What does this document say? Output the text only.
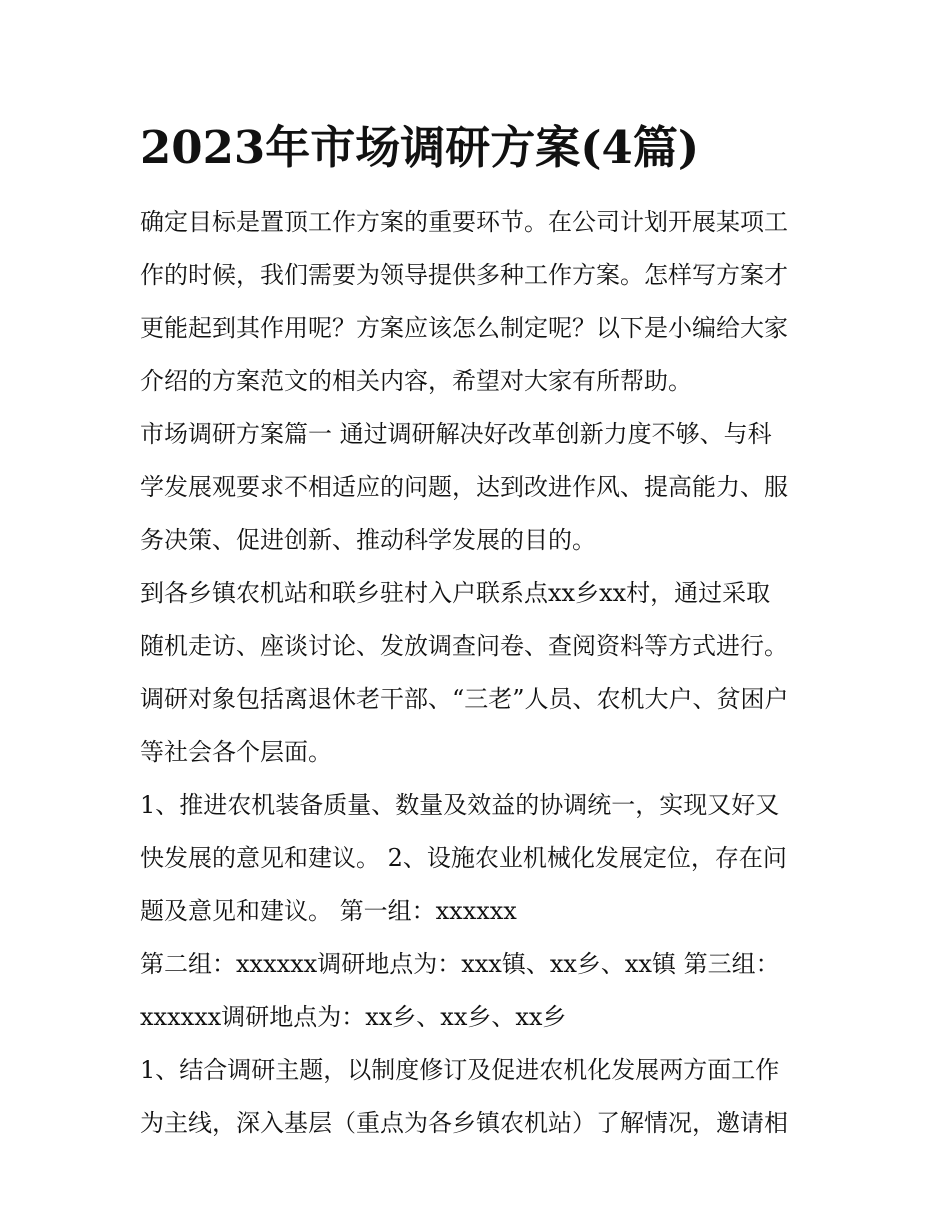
2023年市场调研方案(4篇)

确定目标是置顶工作方案的重要环节。在公司计划开展某项工

作的时候，我们需要为领导提供多种工作方案。怎样写方案才

更能起到其作用呢？方案应该怎么制定呢？以下是小编给大家

介绍的方案范文的相关内容，希望对大家有所帮助。

市场调研方案篇一 通过调研解决好改革创新力度不够、与科

学发展观要求不相适应的问题，达到改进作风、提高能力、服

务决策、促进创新、推动科学发展的目的。

到各乡镇农机站和联乡驻村入户联系点xx乡xx村，通过采取

随机走访、座谈讨论、发放调查问卷、查阅资料等方式进行。

调研对象包括离退休老干部、“三老”人员、农机大户、贫困户

等社会各个层面。

1、推进农机装备质量、数量及效益的协调统一，实现又好又

快发展的意见和建议。 2、设施农业机械化发展定位，存在问

题及意见和建议。 第一组：xxxxxx

第二组：xxxxxx调研地点为：xxx镇、xx乡、xx镇 第三组：

xxxxxx调研地点为：xx乡、xx乡、xx乡

1、结合调研主题，以制度修订及促进农机化发展两方面工作

为主线，深入基层（重点为各乡镇农机站）了解情况，邀请相
